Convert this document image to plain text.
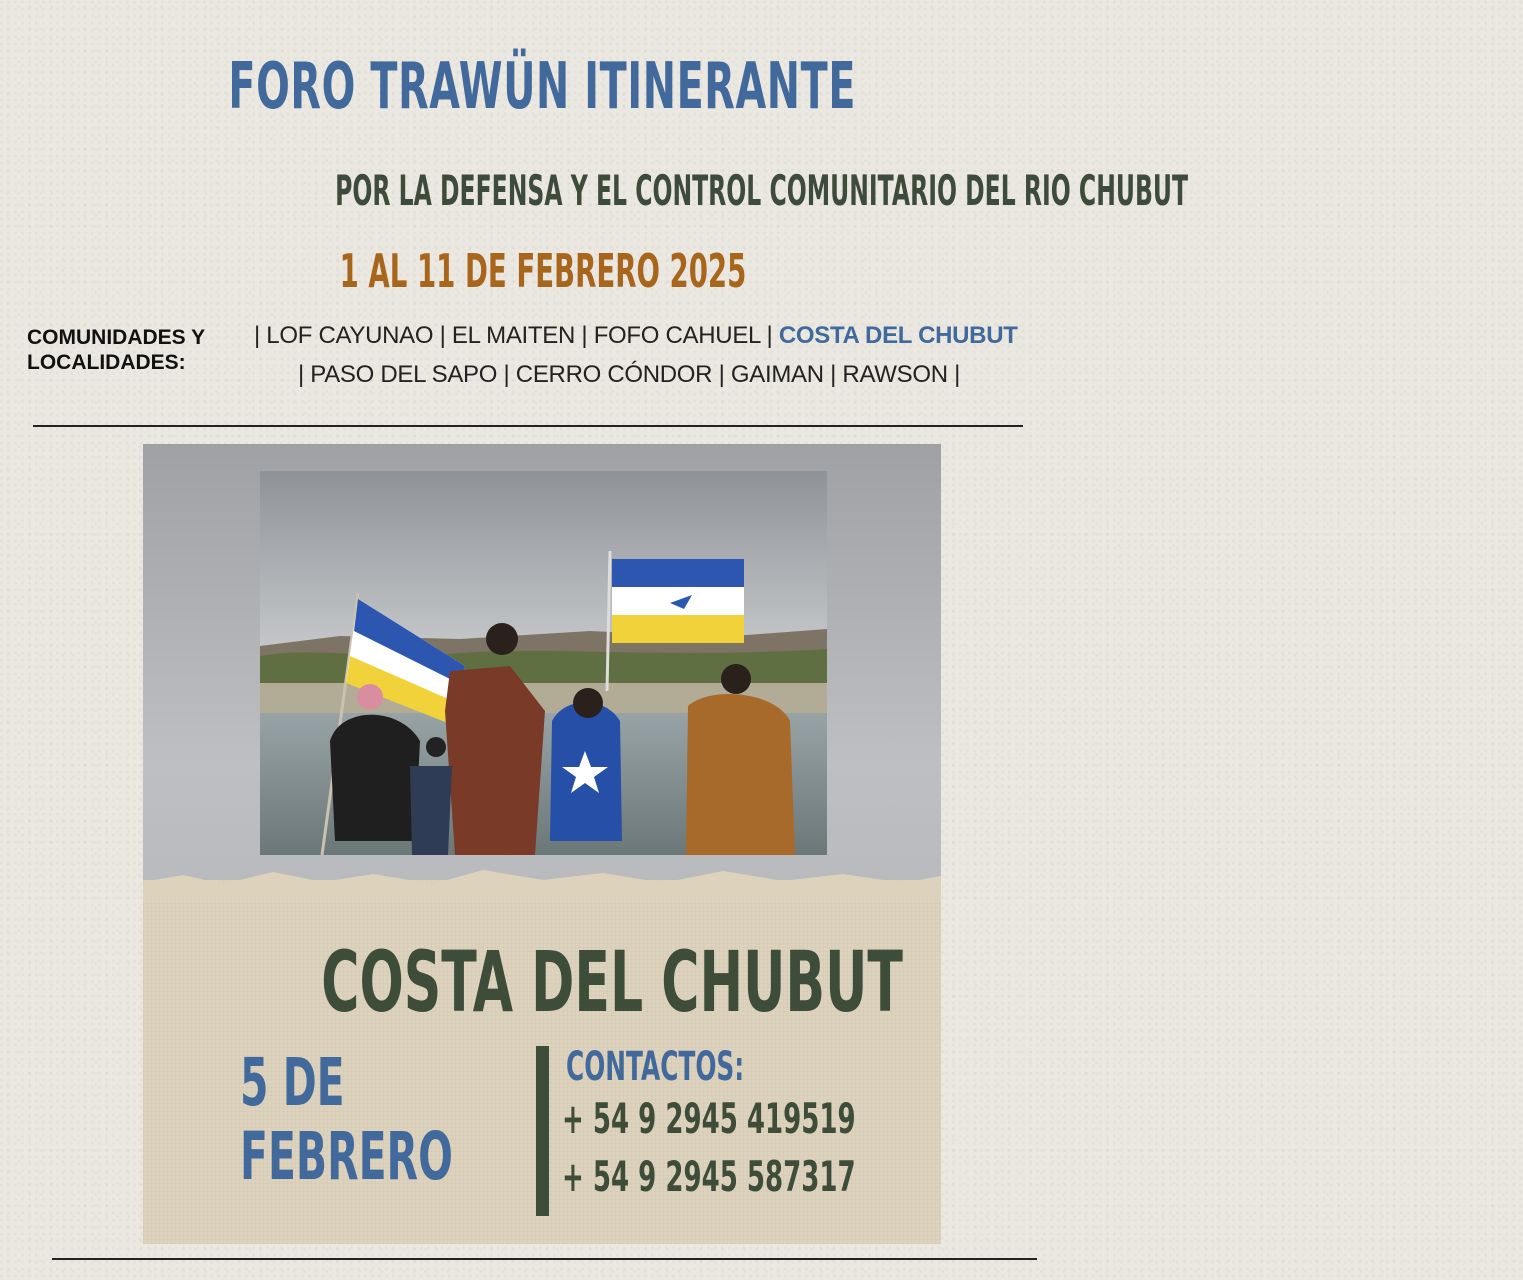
FORO TRAWÜN ITINERANTE
POR LA DEFENSA Y EL CONTROL COMUNITARIO DEL RIO CHUBUT
1 AL 11 DE FEBRERO 2025
COMUNIDADES Y
LOCALIDADES:
| LOF CAYUNAO | EL MAITEN | FOFO CAHUEL | COSTA DEL CHUBUT
| PASO DEL SAPO | CERRO CÓNDOR | GAIMAN | RAWSON |
COSTA DEL CHUBUT
5 DE
FEBRERO
CONTACTOS:
+ 54 9 2945 419519
+ 54 9 2945 587317
